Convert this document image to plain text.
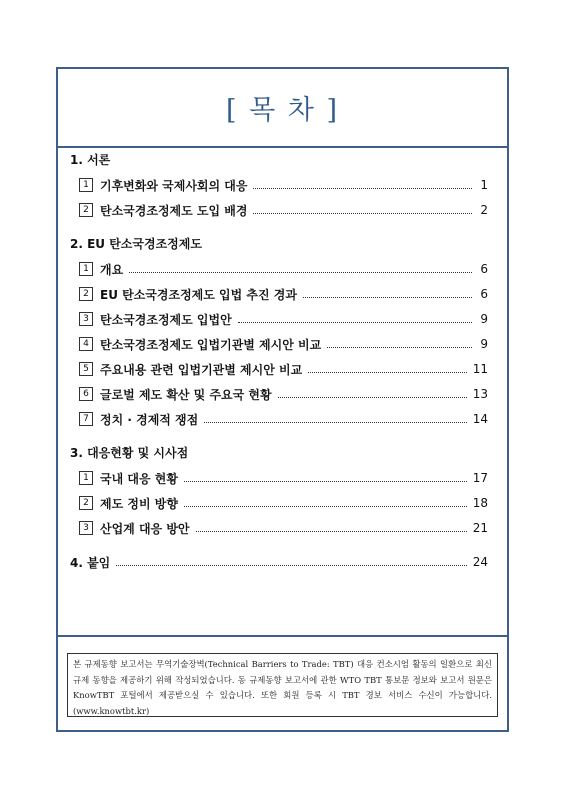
[ 목 차 ]
1. 서론
1 기후변화와 국제사회의 대응	1
2 탄소국경조정제도 도입 배경	2
2. EU 탄소국경조정제도
1 개요	6
2 EU 탄소국경조정제도 입법 추진 경과	6
3 탄소국경조정제도 입법안	9
4 탄소국경조정제도 입법기관별 제시안 비교	9
5 주요내용 관련 입법기관별 제시안 비교	11
6 글로벌 제도 확산 및 주요국 현황	13
7 정치 · 경제적 쟁점	14
3. 대응현황 및 시사점
1 국내 대응 현황	17
2 제도 정비 방향	18
3 산업계 대응 방안	21
4. 붙임	24
본 규제동향 보고서는 무역기술장벽(Technical Barriers to Trade: TBT) 대응 컨소시엄 활동의 일환으로 최신 규제 동향을 제공하기 위해 작성되었습니다. 동 규제동향 보고서에 관한 WTO TBT 통보문 정보와 보고서 원문은 KnowTBT 포털에서 제공받으실 수 있습니다. 또한 회원 등록 시 TBT 경보 서비스 수신이 가능합니다. (www.knowtbt.kr)
